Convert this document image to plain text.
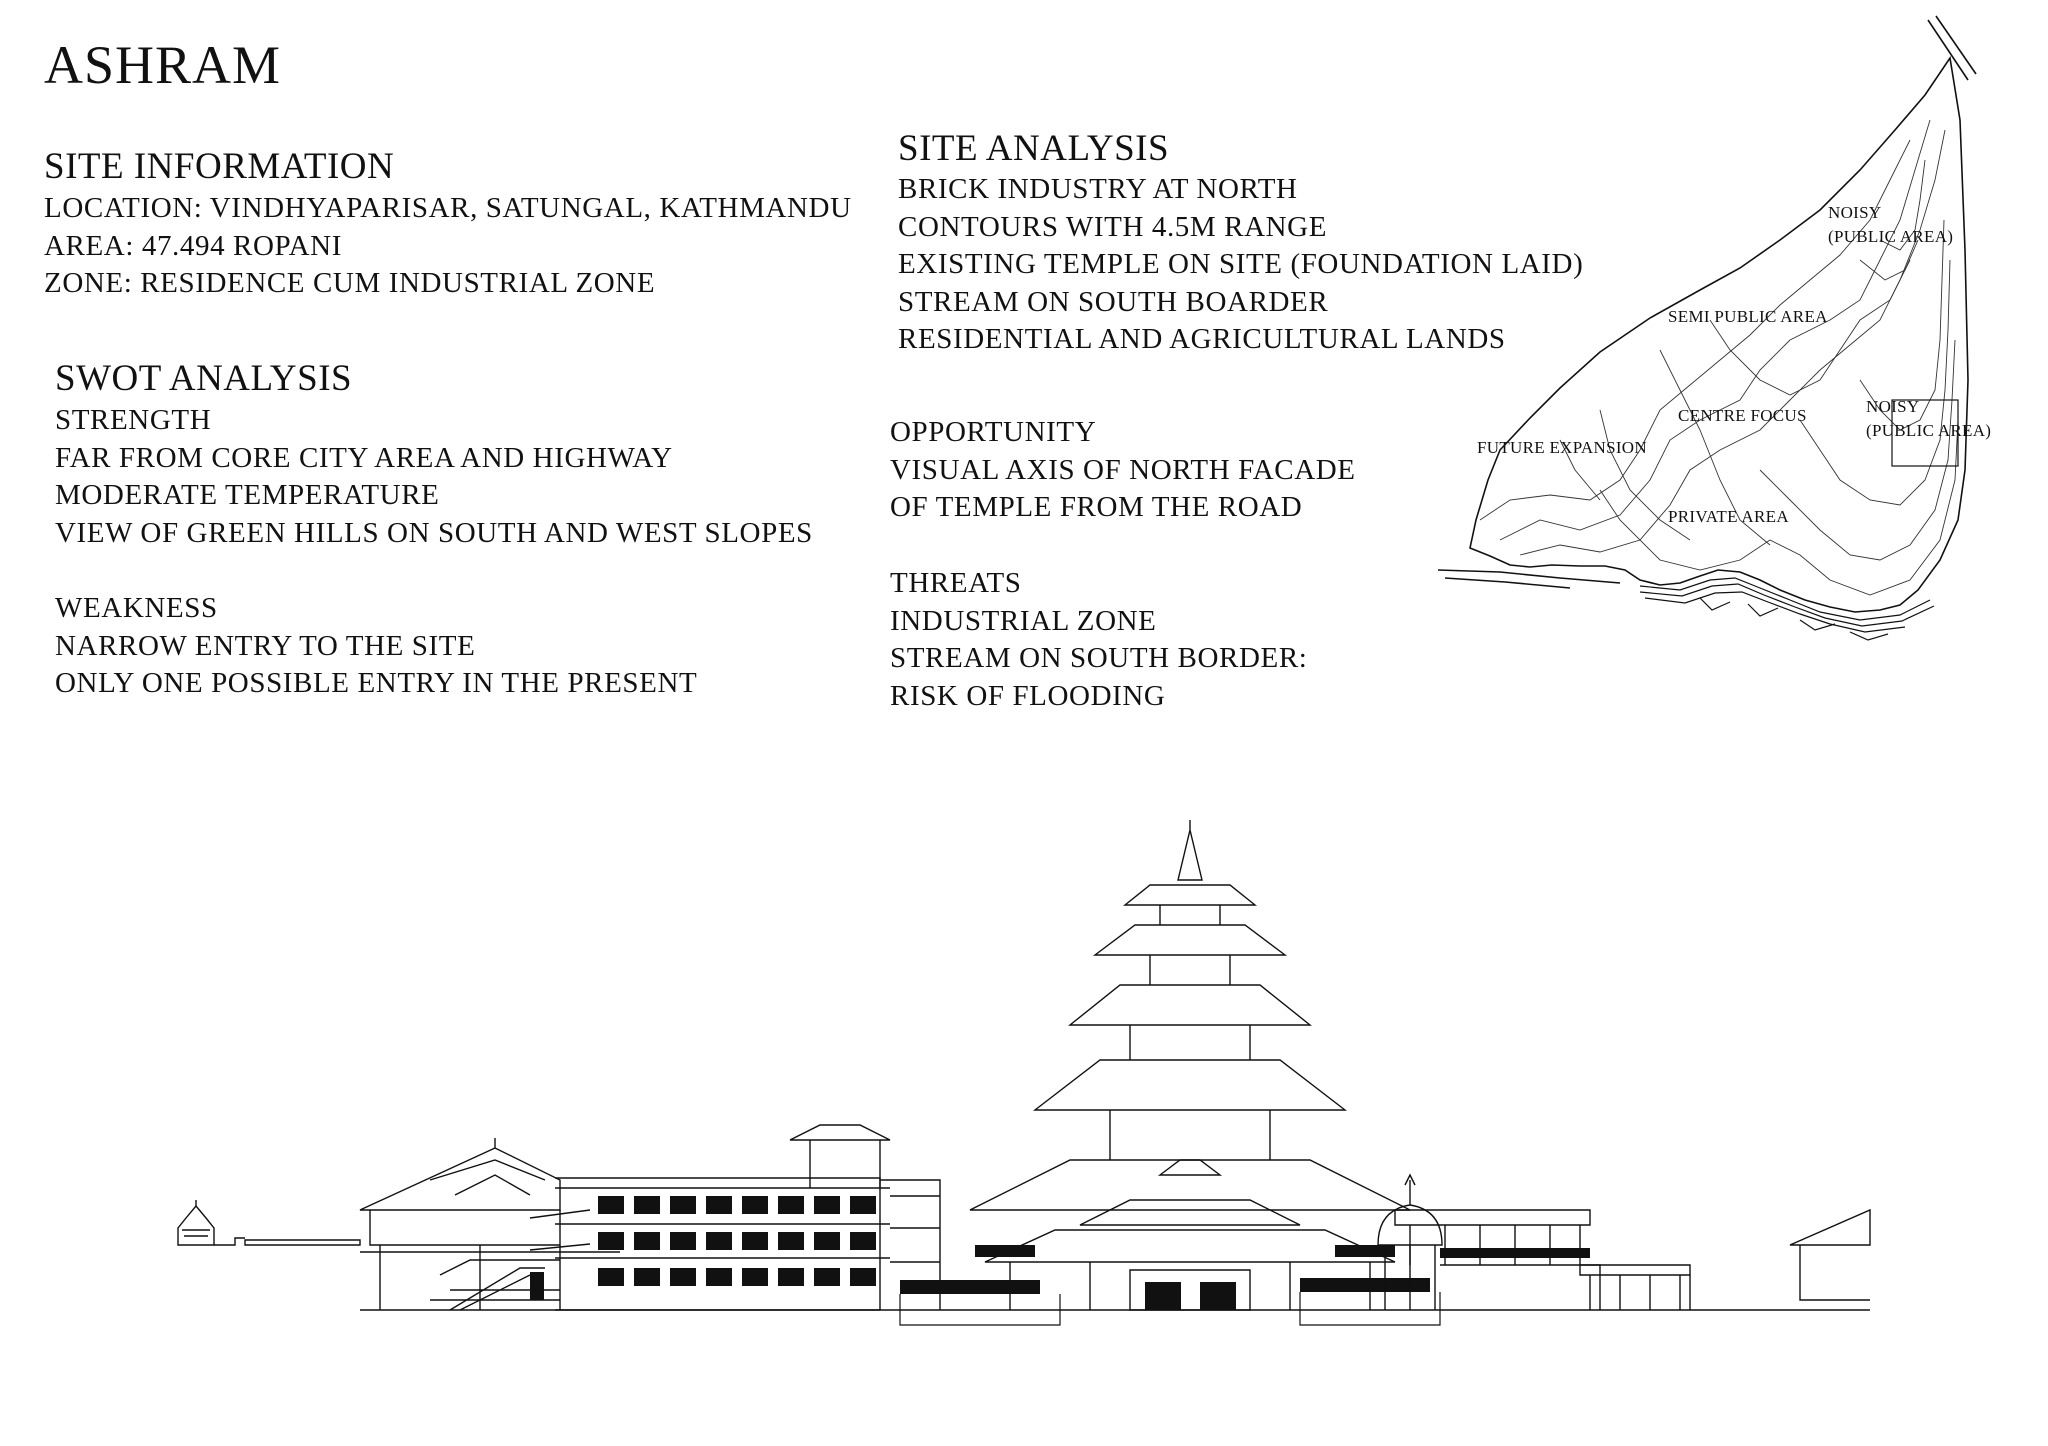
ASHRAM
SITE INFORMATION
LOCATION: VINDHYAPARISAR, SATUNGAL, KATHMANDU
AREA: 47.494 ROPANI
ZONE: RESIDENCE CUM INDUSTRIAL ZONE
SITE ANALYSIS
BRICK INDUSTRY AT NORTH
CONTOURS WITH 4.5M RANGE
EXISTING TEMPLE ON SITE (FOUNDATION LAID)
STREAM ON SOUTH BOARDER
RESIDENTIAL AND AGRICULTURAL LANDS
SWOT ANALYSIS
STRENGTH
FAR FROM CORE CITY AREA AND HIGHWAY
MODERATE TEMPERATURE
VIEW OF GREEN HILLS ON SOUTH AND WEST SLOPES
WEAKNESS
NARROW ENTRY TO THE SITE
ONLY ONE POSSIBLE ENTRY IN THE PRESENT
OPPORTUNITY
VISUAL AXIS OF NORTH FACADE
OF TEMPLE FROM THE ROAD
THREATS
INDUSTRIAL ZONE
STREAM ON SOUTH BORDER:
RISK OF FLOODING
NOISY
(PUBLIC AREA)
SEMI PUBLIC AREA
CENTRE FOCUS	NOISY
(PUBLIC AREA)
FUTURE EXPANSION
PRIVATE AREA
